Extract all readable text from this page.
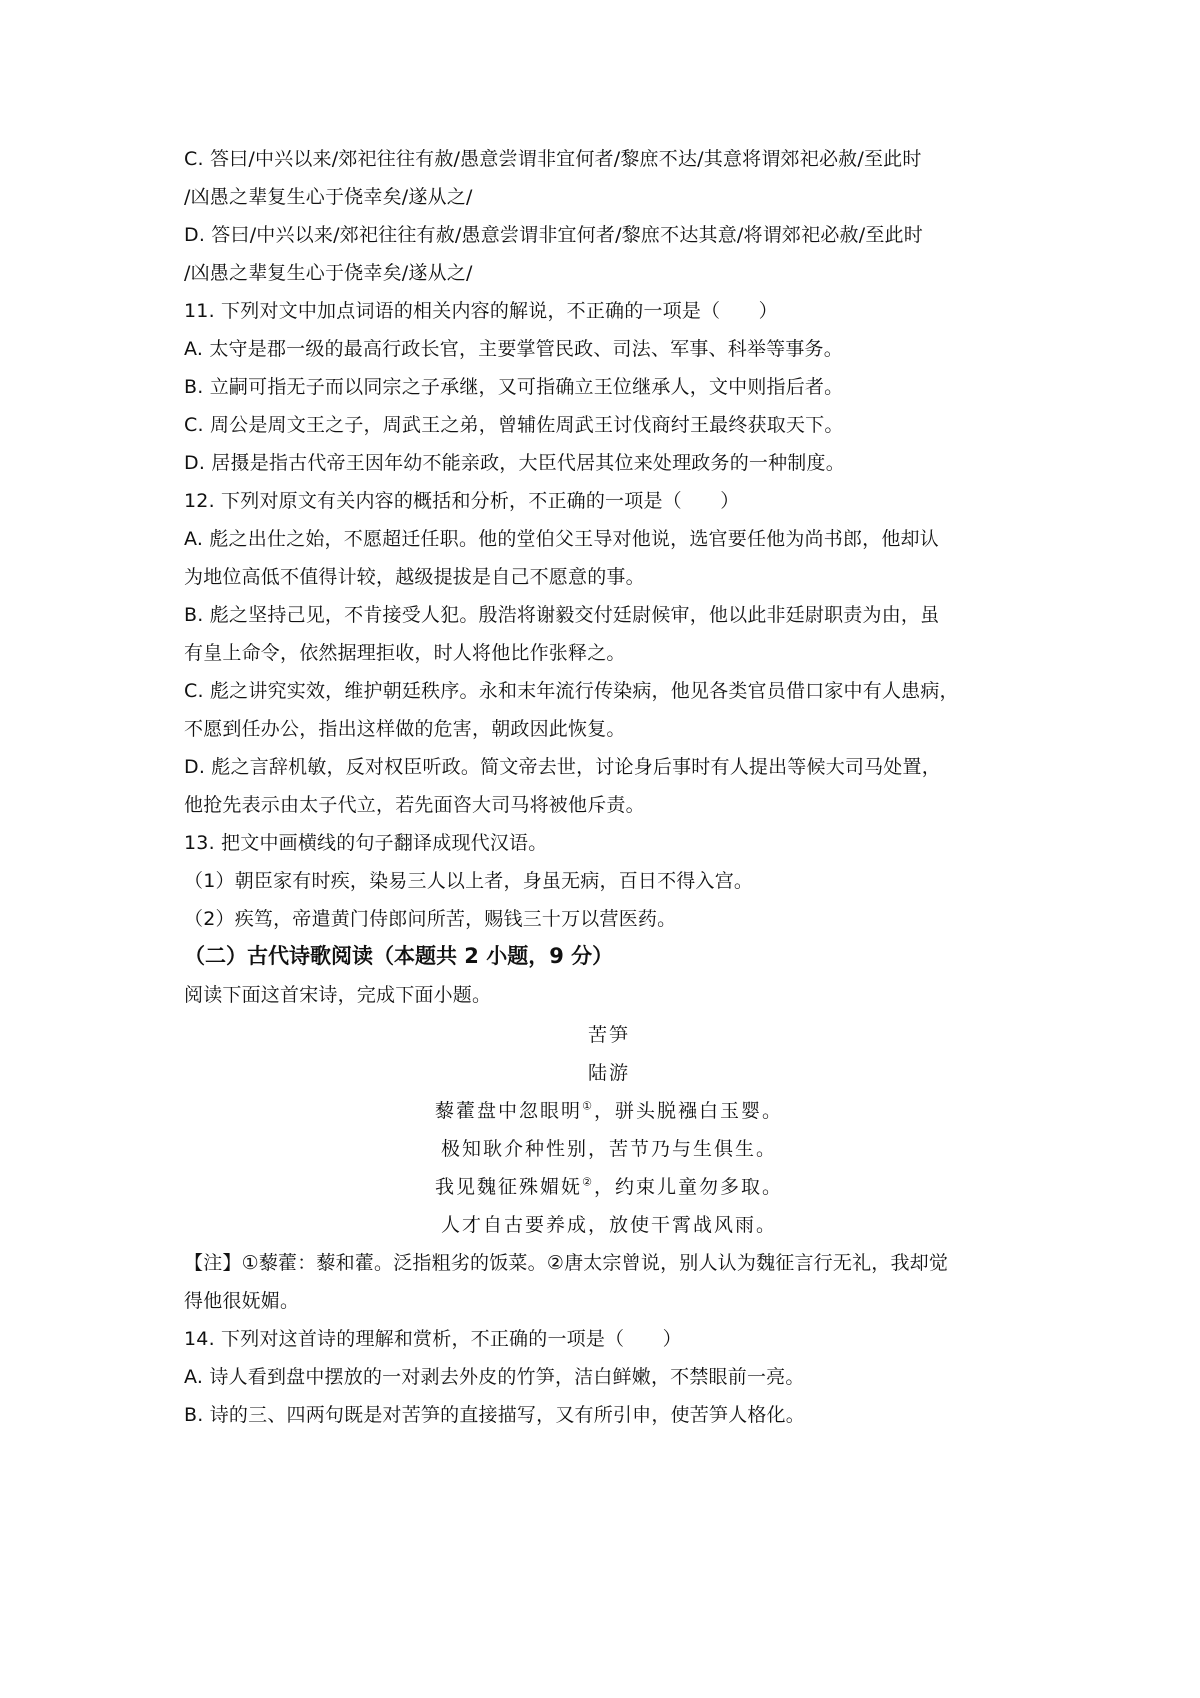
C. 答曰/中兴以来/郊祀往往有赦/愚意尝谓非宜何者/黎庶不达/其意将谓郊祀必赦/至此时
/凶愚之辈复生心于侥幸矣/遂从之/
D. 答曰/中兴以来/郊祀往往有赦/愚意尝谓非宜何者/黎庶不达其意/将谓郊祀必赦/至此时
/凶愚之辈复生心于侥幸矣/遂从之/
11. 下列对文中加点词语的相关内容的解说，不正确的一项是（　　）
A. 太守是郡一级的最高行政长官，主要掌管民政、司法、军事、科举等事务。
B. 立嗣可指无子而以同宗之子承继，又可指确立王位继承人，文中则指后者。
C. 周公是周文王之子，周武王之弟，曾辅佐周武王讨伐商纣王最终获取天下。
D. 居摄是指古代帝王因年幼不能亲政，大臣代居其位来处理政务的一种制度。
12. 下列对原文有关内容的概括和分析，不正确的一项是（　　）
A. 彪之出仕之始，不愿超迁任职。他的堂伯父王导对他说，选官要任他为尚书郎，他却认
为地位高低不值得计较，越级提拔是自己不愿意的事。
B. 彪之坚持己见，不肯接受人犯。殷浩将谢毅交付廷尉候审，他以此非廷尉职责为由，虽
有皇上命令，依然据理拒收，时人将他比作张释之。
C. 彪之讲究实效，维护朝廷秩序。永和末年流行传染病，他见各类官员借口家中有人患病，
不愿到任办公，指出这样做的危害，朝政因此恢复。
D. 彪之言辞机敏，反对权臣听政。简文帝去世，讨论身后事时有人提出等候大司马处置，
他抢先表示由太子代立，若先面咨大司马将被他斥责。
13. 把文中画横线的句子翻译成现代汉语。
（1）朝臣家有时疾，染易三人以上者，身虽无病，百日不得入宫。
（2）疾笃，帝遣黄门侍郎问所苦，赐钱三十万以营医药。
（二）古代诗歌阅读（本题共 2 小题，9 分）
阅读下面这首宋诗，完成下面小题。
苦笋
陆游
藜藿盘中忽眼明①，骈头脱襁白玉婴。
极知耿介种性别，苦节乃与生俱生。
我见魏征殊媚妩②，约束儿童勿多取。
人才自古要养成，放使干霄战风雨。
【注】①藜藿：藜和藿。泛指粗劣的饭菜。②唐太宗曾说，别人认为魏征言行无礼，我却觉
得他很妩媚。
14. 下列对这首诗的理解和赏析，不正确的一项是（　　）
A. 诗人看到盘中摆放的一对剥去外皮的竹笋，洁白鲜嫩，不禁眼前一亮。
B. 诗的三、四两句既是对苦笋的直接描写，又有所引申，使苦笋人格化。
